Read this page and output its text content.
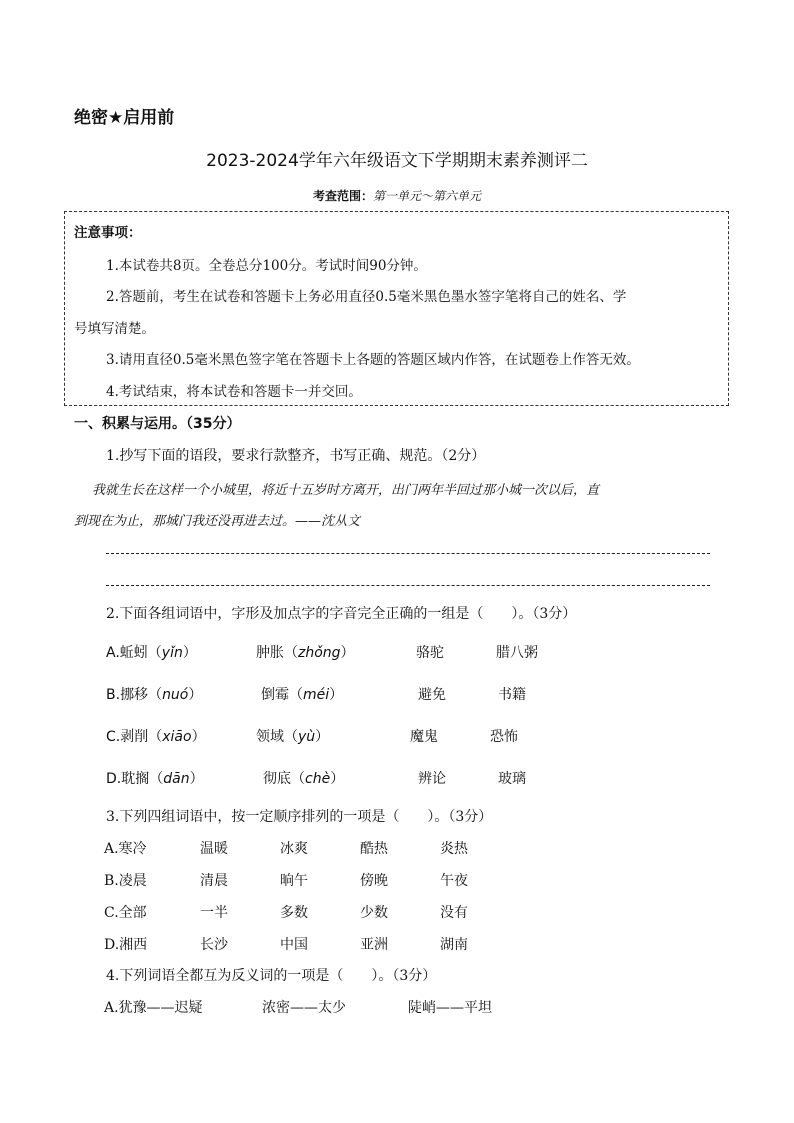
绝密★启用前
2023-2024学年六年级语文下学期期末素养测评二
考查范围：第一单元～第六单元
注意事项：
1.本试卷共8页。全卷总分100分。考试时间90分钟。
2.答题前，考生在试卷和答题卡上务必用直径0.5毫米黑色墨水签字笔将自己的姓名、学
号填写清楚。
3.请用直径0.5毫米黑色签字笔在答题卡上各题的答题区域内作答，在试题卷上作答无效。
4.考试结束，将本试卷和答题卡一并交回。
一、积累与运用。（35分）
1.抄写下面的语段，要求行款整齐，书写正确、规范。（2分）
我就生长在这样一个小城里，将近十五岁时方离开，出门两年半回过那小城一次以后，直
到现在为止，那城门我还没再进去过。——沈从文
2.下面各组词语中，字形及加点字的字音完全正确的一组是（　　）。（3分）
A.蚯蚓（yǐn）	肿胀（zhǒng）	骆驼	腊八粥
B.挪移（nuó）	倒霉（méi）	避免	书籍
C.剥削（xiāo）	领域（yù）	魔鬼	恐怖
D.耽搁（dān）	彻底（chè）	辨论	玻璃
3.下列四组词语中，按一定顺序排列的一项是（　　）。（3分）
A.寒冷	温暖	冰爽	酷热	炎热
B.凌晨	清晨	晌午	傍晚	午夜
C.全部	一半	多数	少数	没有
D.湘西	长沙	中国	亚洲	湖南
4.下列词语全都互为反义词的一项是（　　）。（3分）
A.犹豫——迟疑	浓密——太少	陡峭——平坦
